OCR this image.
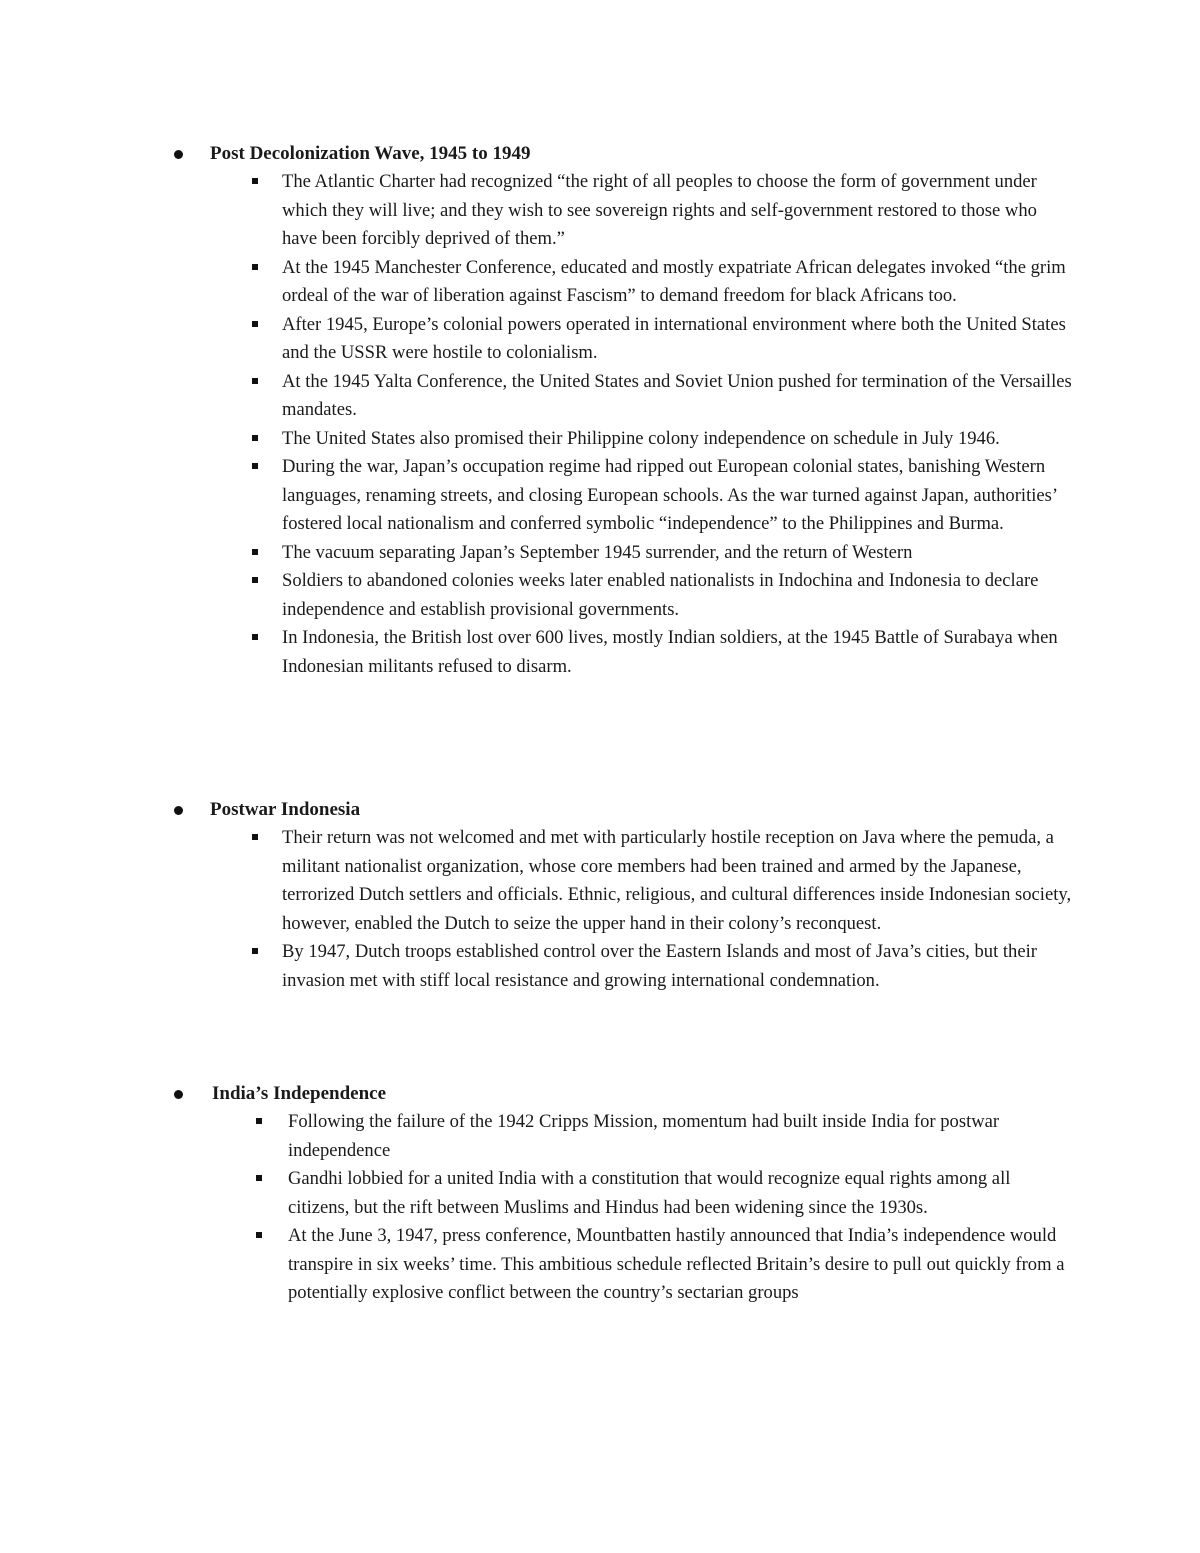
Post Decolonization Wave, 1945 to 1949
The Atlantic Charter had recognized “the right of all peoples to choose the form of government under which they will live; and they wish to see sovereign rights and self-government restored to those who have been forcibly deprived of them.”
At the 1945 Manchester Conference, educated and mostly expatriate African delegates invoked “the grim ordeal of the war of liberation against Fascism” to demand freedom for black Africans too.
After 1945, Europe’s colonial powers operated in international environment where both the United States and the USSR were hostile to colonialism.
At the 1945 Yalta Conference, the United States and Soviet Union pushed for termination of the Versailles mandates.
The United States also promised their Philippine colony independence on schedule in July 1946.
During the war, Japan’s occupation regime had ripped out European colonial states, banishing Western languages, renaming streets, and closing European schools. As the war turned against Japan, authorities’ fostered local nationalism and conferred symbolic “independence” to the Philippines and Burma.
The vacuum separating Japan’s September 1945 surrender, and the return of Western
Soldiers to abandoned colonies weeks later enabled nationalists in Indochina and Indonesia to declare independence and establish provisional governments.
In Indonesia, the British lost over 600 lives, mostly Indian soldiers, at the 1945 Battle of Surabaya when Indonesian militants refused to disarm.
Postwar Indonesia
Their return was not welcomed and met with particularly hostile reception on Java where the pemuda, a militant nationalist organization, whose core members had been trained and armed by the Japanese, terrorized Dutch settlers and officials. Ethnic, religious, and cultural differences inside Indonesian society, however, enabled the Dutch to seize the upper hand in their colony’s reconquest.
By 1947, Dutch troops established control over the Eastern Islands and most of Java’s cities, but their invasion met with stiff local resistance and growing international condemnation.
India’s Independence
Following the failure of the 1942 Cripps Mission, momentum had built inside India for postwar independence
Gandhi lobbied for a united India with a constitution that would recognize equal rights among all citizens, but the rift between Muslims and Hindus had been widening since the 1930s.
At the June 3, 1947, press conference, Mountbatten hastily announced that India’s independence would transpire in six weeks’ time. This ambitious schedule reflected Britain’s desire to pull out quickly from a potentially explosive conflict between the country’s sectarian groups
